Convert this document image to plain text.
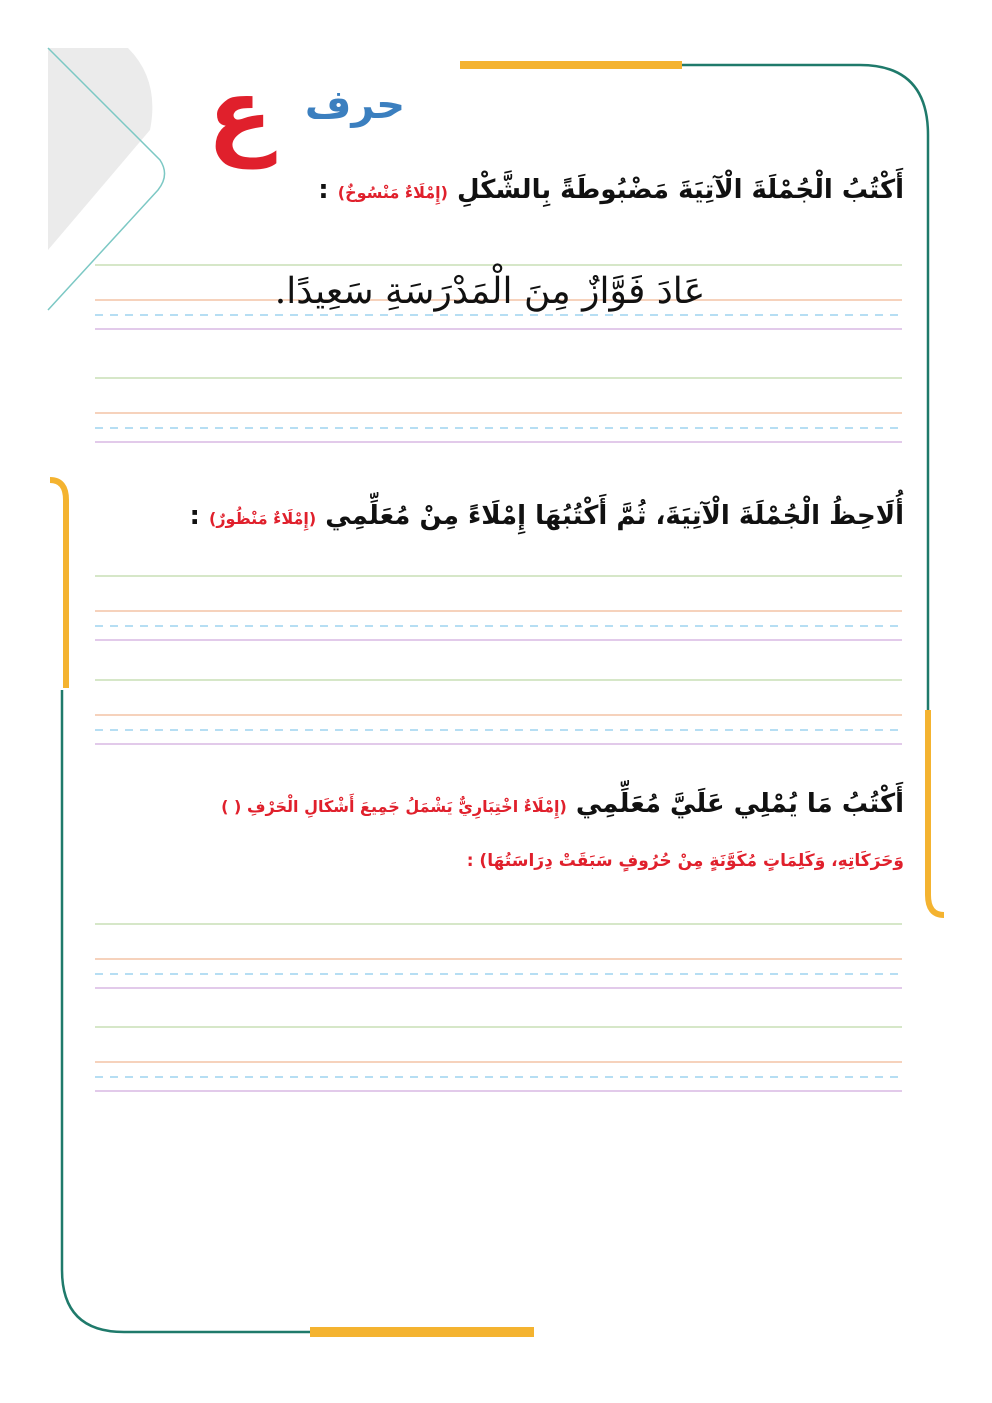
ع حرف
أَكْتُبُ الْجُمْلَةَ الْآتِيَةَ مَضْبُوطَةً بِالشَّكْلِ (إِمْلَاءٌ مَنْسُوخٌ) :
عَادَ فَوَّازٌ مِنَ الْمَدْرَسَةِ سَعِيدًا.
أُلَاحِظُ الْجُمْلَةَ الْآتِيَةَ، ثُمَّ أَكْتُبُهَا إِمْلَاءً مِنْ مُعَلِّمِي (إِمْلَاءٌ مَنْظُورٌ) :
أَكْتُبُ مَا يُمْلِي عَلَيَّ مُعَلِّمِي (إِمْلَاءٌ اخْتِبَارِيٌّ يَشْمَلُ جَمِيعَ أَشْكَالِ الْحَرْفِ ( )
وَحَرَكَاتِهِ، وَكَلِمَاتٍ مُكَوَّنَةٍ مِنْ حُرُوفٍ سَبَقَتْ دِرَاسَتُهَا) :
